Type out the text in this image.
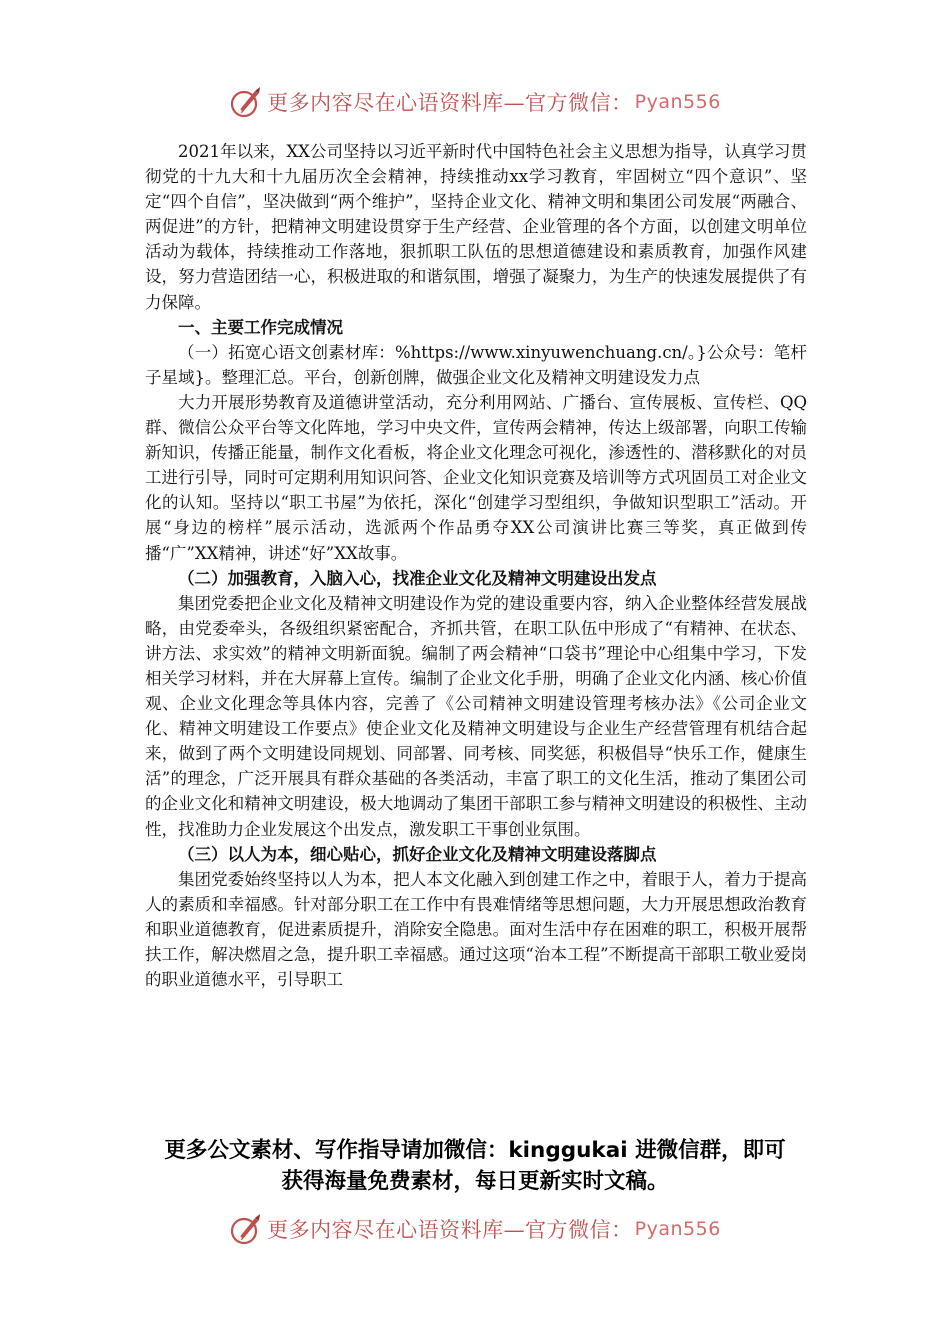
更多内容尽在心语资料库—官方微信： Pyan556

2021年以来，XX公司坚持以习近平新时代中国特色社会主义思想为指导，认真学习贯彻党的十九大和十九届历次全会精神，持续推动xx学习教育，牢固树立“四个意识”、坚定“四个自信”，坚决做到“两个维护”，坚持企业文化、精神文明和集团公司发展“两融合、两促进”的方针，把精神文明建设贯穿于生产经营、企业管理的各个方面，以创建文明单位活动为载体，持续推动工作落地，狠抓职工队伍的思想道德建设和素质教育，加强作风建设，努力营造团结一心，积极进取的和谐氛围，增强了凝聚力，为生产的快速发展提供了有力保障。

一、主要工作完成情况

（一）拓宽心语文创素材库：%https://www.xinyuwenchuang.cn/。}公众号：笔杆子星域}。整理汇总。平台，创新创牌，做强企业文化及精神文明建设发力点

大力开展形势教育及道德讲堂活动，充分利用网站、广播台、宣传展板、宣传栏、QQ群、微信公众平台等文化阵地，学习中央文件，宣传两会精神，传达上级部署，向职工传输新知识，传播正能量，制作文化看板，将企业文化理念可视化，渗透性的、潜移默化的对员工进行引导，同时可定期利用知识问答、企业文化知识竞赛及培训等方式巩固员工对企业文化的认知。坚持以“职工书屋”为依托，深化“创建学习型组织，争做知识型职工”活动。开展“身边的榜样”展示活动，选派两个作品勇夺XX公司演讲比赛三等奖，真正做到传播“广”XX精神，讲述“好”XX故事。

（二）加强教育，入脑入心，找准企业文化及精神文明建设出发点

集团党委把企业文化及精神文明建设作为党的建设重要内容，纳入企业整体经营发展战略，由党委牵头，各级组织紧密配合，齐抓共管，在职工队伍中形成了“有精神、在状态、讲方法、求实效”的精神文明新面貌。编制了两会精神“口袋书”理论中心组集中学习，下发相关学习材料，并在大屏幕上宣传。编制了企业文化手册，明确了企业文化内涵、核心价值观、企业文化理念等具体内容，完善了《公司精神文明建设管理考核办法》《公司企业文化、精神文明建设工作要点》使企业文化及精神文明建设与企业生产经营管理有机结合起来，做到了两个文明建设同规划、同部署、同考核、同奖惩，积极倡导“快乐工作，健康生活”的理念，广泛开展具有群众基础的各类活动，丰富了职工的文化生活，推动了集团公司的企业文化和精神文明建设，极大地调动了集团干部职工参与精神文明建设的积极性、主动性，找准助力企业发展这个出发点，激发职工干事创业氛围。

（三）以人为本，细心贴心，抓好企业文化及精神文明建设落脚点

集团党委始终坚持以人为本，把人本文化融入到创建工作之中，着眼于人，着力于提高人的素质和幸福感。针对部分职工在工作中有畏难情绪等思想问题，大力开展思想政治教育和职业道德教育，促进素质提升，消除安全隐患。面对生活中存在困难的职工，积极开展帮扶工作，解决燃眉之急，提升职工幸福感。通过这项“治本工程”不断提高干部职工敬业爱岗的职业道德水平，引导职工

更多公文素材、写作指导请加微信：kinggukai 进微信群，即可
获得海量免费素材，每日更新实时文稿。
更多内容尽在心语资料库—官方微信： Pyan556
